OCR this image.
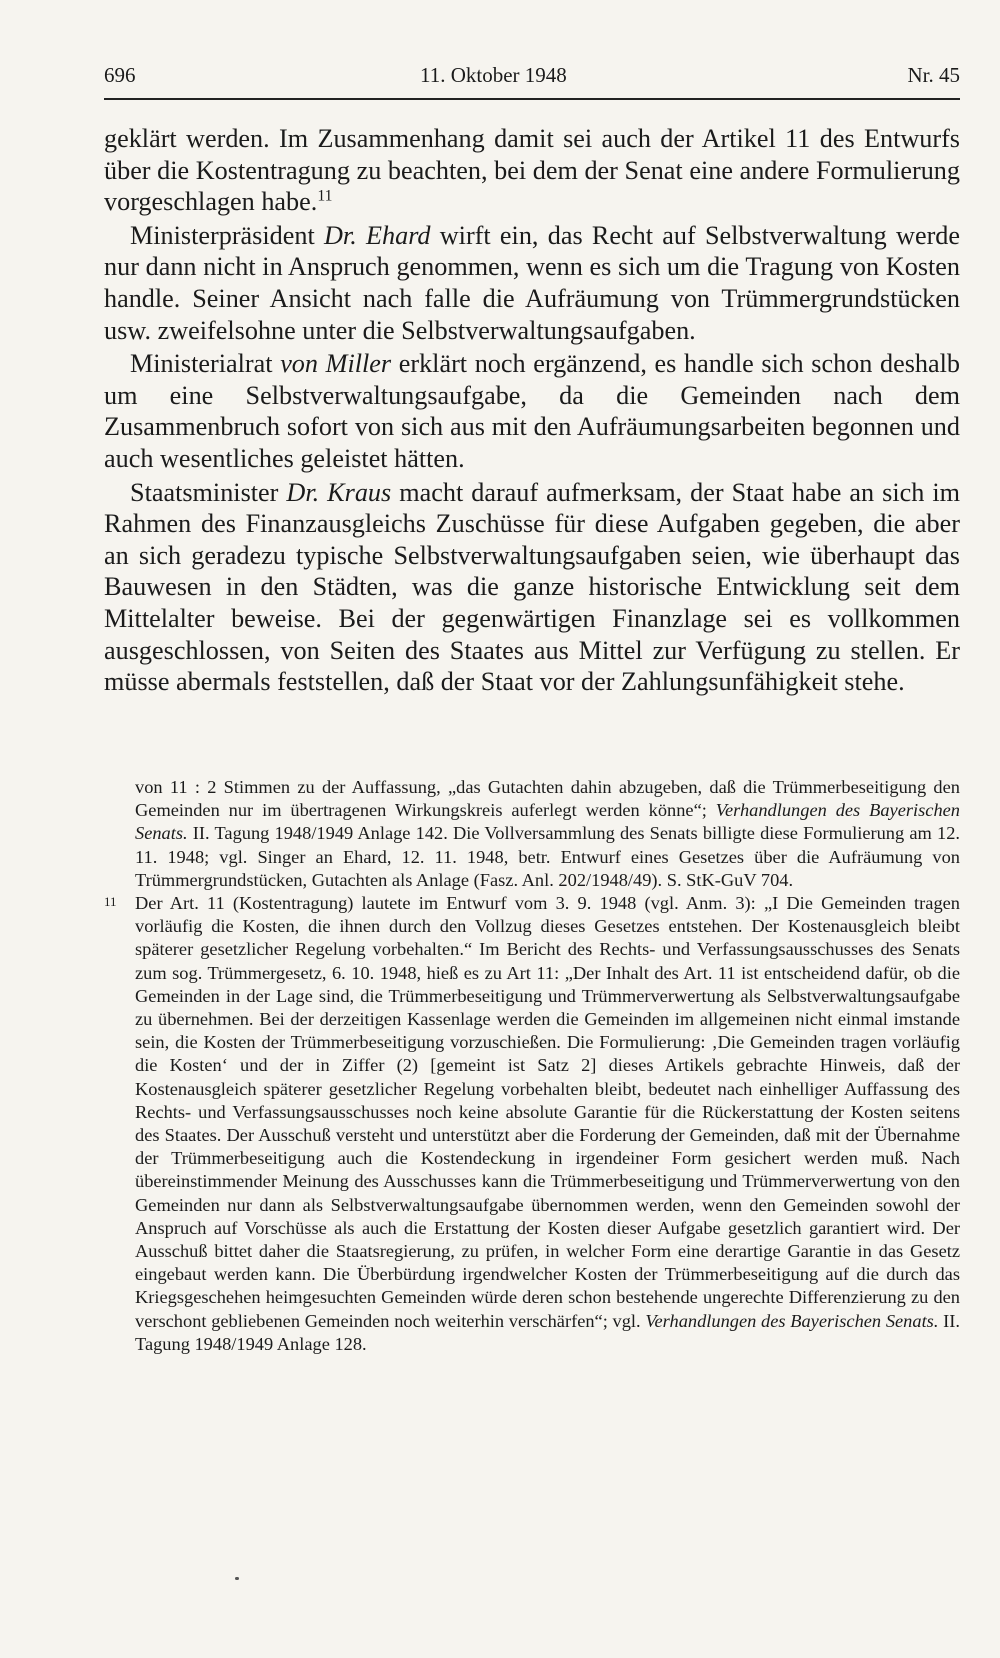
696	11. Oktober 1948	Nr. 45

geklärt werden. Im Zusammenhang damit sei auch der Artikel 11 des Entwurfs über die Kostentragung zu beachten, bei dem der Senat eine andere Formulierung vorgeschlagen habe.$^{11}$

Ministerpräsident Dr. Ehard wirft ein, das Recht auf Selbstverwaltung werde nur dann nicht in Anspruch genommen, wenn es sich um die Tragung von Kosten handle. Seiner Ansicht nach falle die Aufräumung von Trümmergrundstücken usw. zweifelsohne unter die Selbstverwaltungsaufgaben.

Ministerialrat von Miller erklärt noch ergänzend, es handle sich schon deshalb um eine Selbstverwaltungsaufgabe, da die Gemeinden nach dem Zusammenbruch sofort von sich aus mit den Aufräumungsarbeiten begonnen und auch wesentliches geleistet hätten.

Staatsminister Dr. Kraus macht darauf aufmerksam, der Staat habe an sich im Rahmen des Finanzausgleichs Zuschüsse für diese Aufgaben gegeben, die aber an sich geradezu typische Selbstverwaltungsaufgaben seien, wie überhaupt das Bauwesen in den Städten, was die ganze historische Entwicklung seit dem Mittelalter beweise. Bei der gegenwärtigen Finanzlage sei es vollkommen ausgeschlossen, von Seiten des Staates aus Mittel zur Verfügung zu stellen. Er müsse abermals feststellen, daß der Staat vor der Zahlungsunfähigkeit stehe.

von 11 : 2 Stimmen zu der Auffassung, „das Gutachten dahin abzugeben, daß die Trümmerbeseitigung den Gemeinden nur im übertragenen Wirkungskreis auferlegt werden könne“; Verhandlungen des Bayerischen Senats. II. Tagung 1948/1949 Anlage 142. Die Vollversammlung des Senats billigte diese Formulierung am 12. 11. 1948; vgl. Singer an Ehard, 12. 11. 1948, betr. Entwurf eines Gesetzes über die Aufräumung von Trümmergrundstücken, Gutachten als Anlage (Fasz. Anl. 202/1948/49). S. StK-GuV 704.

11 Der Art. 11 (Kostentragung) lautete im Entwurf vom 3. 9. 1948 (vgl. Anm. 3): „I Die Gemeinden tragen vorläufig die Kosten, die ihnen durch den Vollzug dieses Gesetzes entstehen. Der Kostenausgleich bleibt späterer gesetzlicher Regelung vorbehalten.“ Im Bericht des Rechts- und Verfassungsausschusses des Senats zum sog. Trümmergesetz, 6. 10. 1948, hieß es zu Art 11: „Der Inhalt des Art. 11 ist entscheidend dafür, ob die Gemeinden in der Lage sind, die Trümmerbeseitigung und Trümmerverwertung als Selbstverwaltungsaufgabe zu übernehmen. Bei der derzeitigen Kassenlage werden die Gemeinden im allgemeinen nicht einmal imstande sein, die Kosten der Trümmerbeseitigung vorzuschießen. Die Formulierung: ‚Die Gemeinden tragen vorläufig die Kosten‘ und der in Ziffer (2) [gemeint ist Satz 2] dieses Artikels gebrachte Hinweis, daß der Kostenausgleich späterer gesetzlicher Regelung vorbehalten bleibt, bedeutet nach einhelliger Auffassung des Rechts- und Verfassungsausschusses noch keine absolute Garantie für die Rückerstattung der Kosten seitens des Staates. Der Ausschuß versteht und unterstützt aber die Forderung der Gemeinden, daß mit der Übernahme der Trümmerbeseitigung auch die Kostendeckung in irgendeiner Form gesichert werden muß. Nach übereinstimmender Meinung des Ausschusses kann die Trümmerbeseitigung und Trümmerverwertung von den Gemeinden nur dann als Selbstverwaltungsaufgabe übernommen werden, wenn den Gemeinden sowohl der Anspruch auf Vorschüsse als auch die Erstattung der Kosten dieser Aufgabe gesetzlich garantiert wird. Der Ausschuß bittet daher die Staatsregierung, zu prüfen, in welcher Form eine derartige Garantie in das Gesetz eingebaut werden kann. Die Überbürdung irgendwelcher Kosten der Trümmerbeseitigung auf die durch das Kriegsgeschehen heimgesuchten Gemeinden würde deren schon bestehende ungerechte Differenzierung zu den verschont gebliebenen Gemeinden noch weiterhin verschärfen“; vgl. Verhandlungen des Bayerischen Senats. II. Tagung 1948/1949 Anlage 128.
